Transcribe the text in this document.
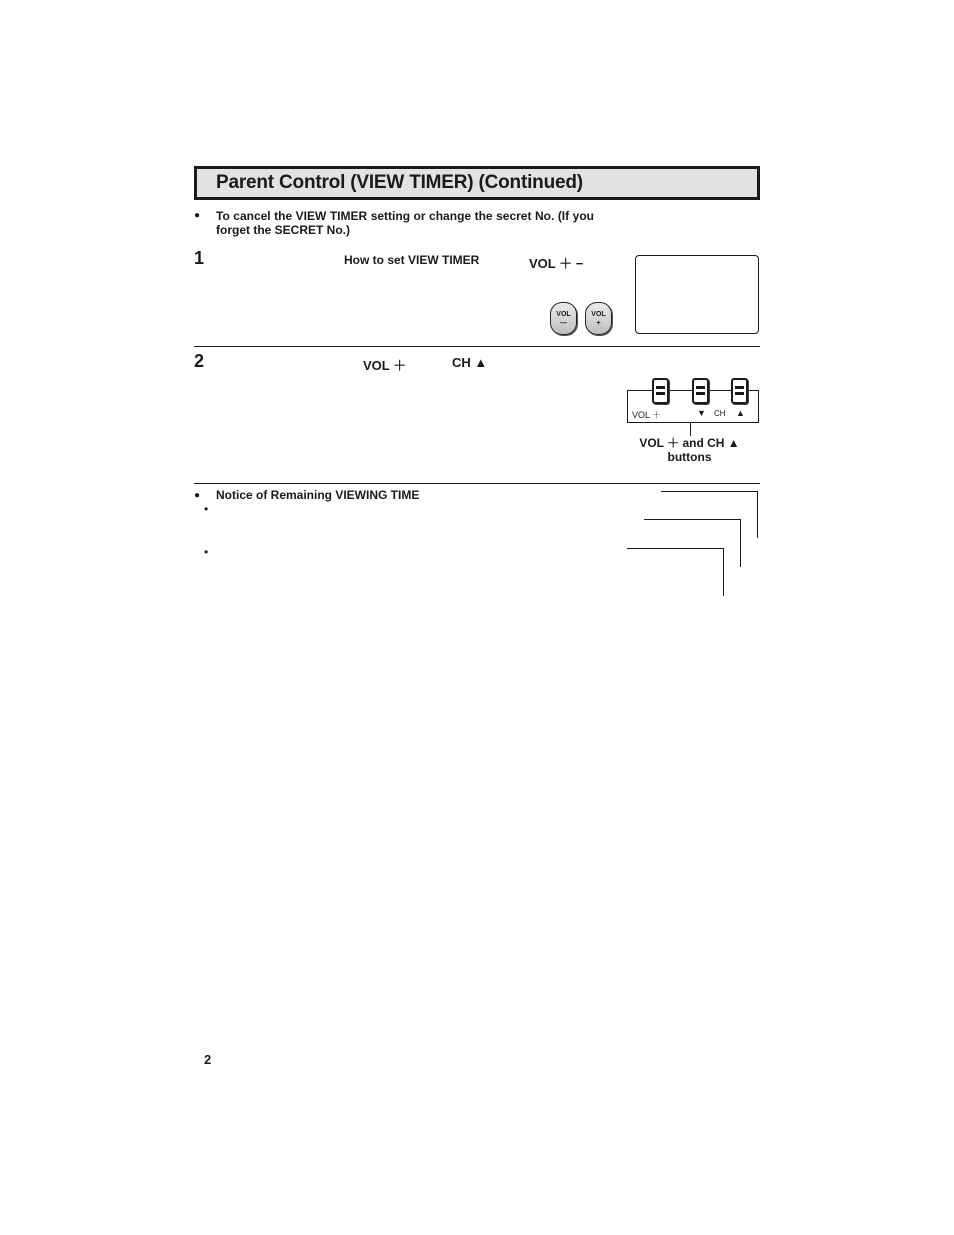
Parent Control (VIEW TIMER) (Continued)
● To cancel the VIEW TIMER setting or change the secret No. (If you forget the SECRET No.)
1	How to set VIEW TIMER	VOL ＋ −
VOL
—
VOL
+
2	VOL ＋	CH ▲
VOL ＋	▼ CH ▲
VOL ＋ and CH ▲
buttons
● Notice of Remaining VIEWING TIME
•
•
2
